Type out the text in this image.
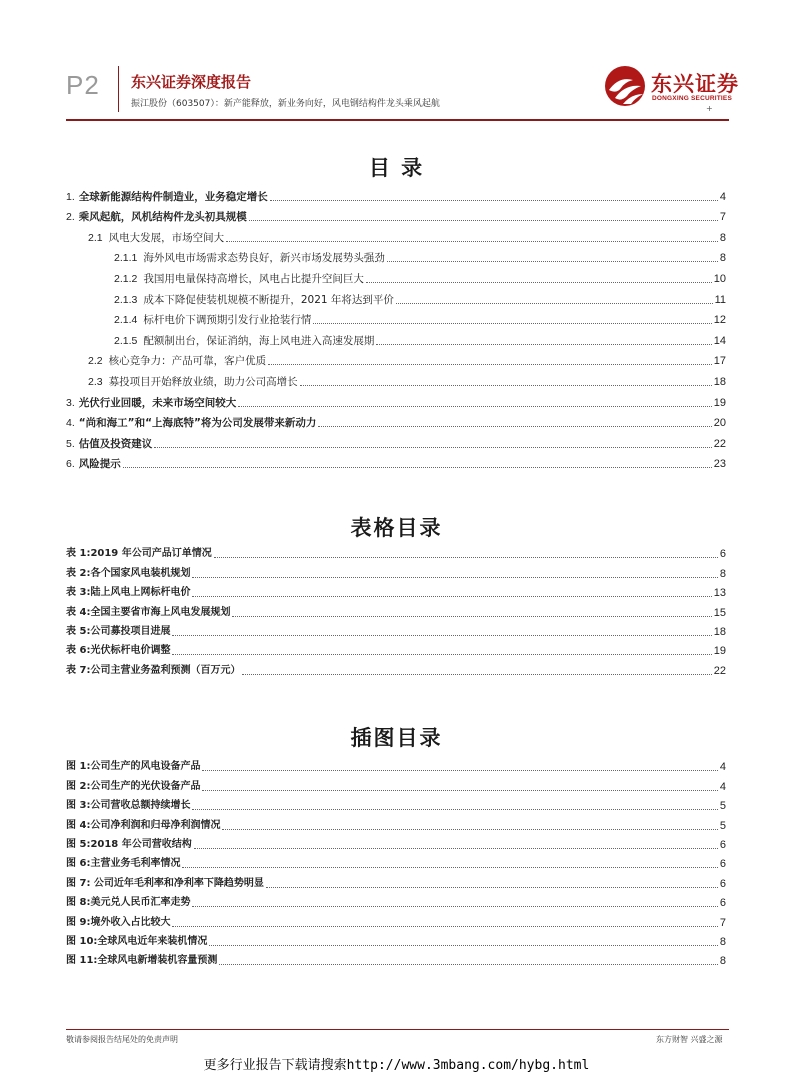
P2 东兴证券深度报告
振江股份（603507）：新产能释放，新业务向好，风电钢结构件龙头乘风起航
东兴证券
DONGXING SECURITIES
+
目 录
1. 全球新能源结构件制造业，业务稳定增长	4
2. 乘风起航，风机结构件龙头初具规模	7
2.1 风电大发展，市场空间大	8
2.1.1 海外风电市场需求态势良好，新兴市场发展势头强劲	8
2.1.2 我国用电量保持高增长，风电占比提升空间巨大	10
2.1.3 成本下降促使装机规模不断提升，2021 年将达到平价	11
2.1.4 标杆电价下调预期引发行业抢装行情	12
2.1.5 配额制出台，保证消纳，海上风电进入高速发展期	14
2.2 核心竞争力：产品可靠，客户优质	17
2.3 募投项目开始释放业绩，助力公司高增长	18
3. 光伏行业回暖，未来市场空间较大	19
4. “尚和海工”和“上海底特”将为公司发展带来新动力	20
5. 估值及投资建议	22
6. 风险提示	23
表格目录
表 1:2019 年公司产品订单情况	6
表 2:各个国家风电装机规划	8
表 3:陆上风电上网标杆电价	13
表 4:全国主要省市海上风电发展规划	15
表 5:公司募投项目进展	18
表 6:光伏标杆电价调整	19
表 7:公司主营业务盈利预测（百万元）	22
插图目录
图 1:公司生产的风电设备产品	4
图 2:公司生产的光伏设备产品	4
图 3:公司营收总额持续增长	5
图 4:公司净利润和归母净利润情况	5
图 5:2018 年公司营收结构	6
图 6:主营业务毛利率情况	6
图 7: 公司近年毛利率和净利率下降趋势明显	6
图 8:美元兑人民币汇率走势	6
图 9:境外收入占比较大	7
图 10:全球风电近年来装机情况	8
图 11:全球风电新增装机容量预测	8
敬请参阅报告结尾处的免责声明	东方财智 兴盛之源
更多行业报告下载请搜索http://www.3mbang.com/hybg.html
